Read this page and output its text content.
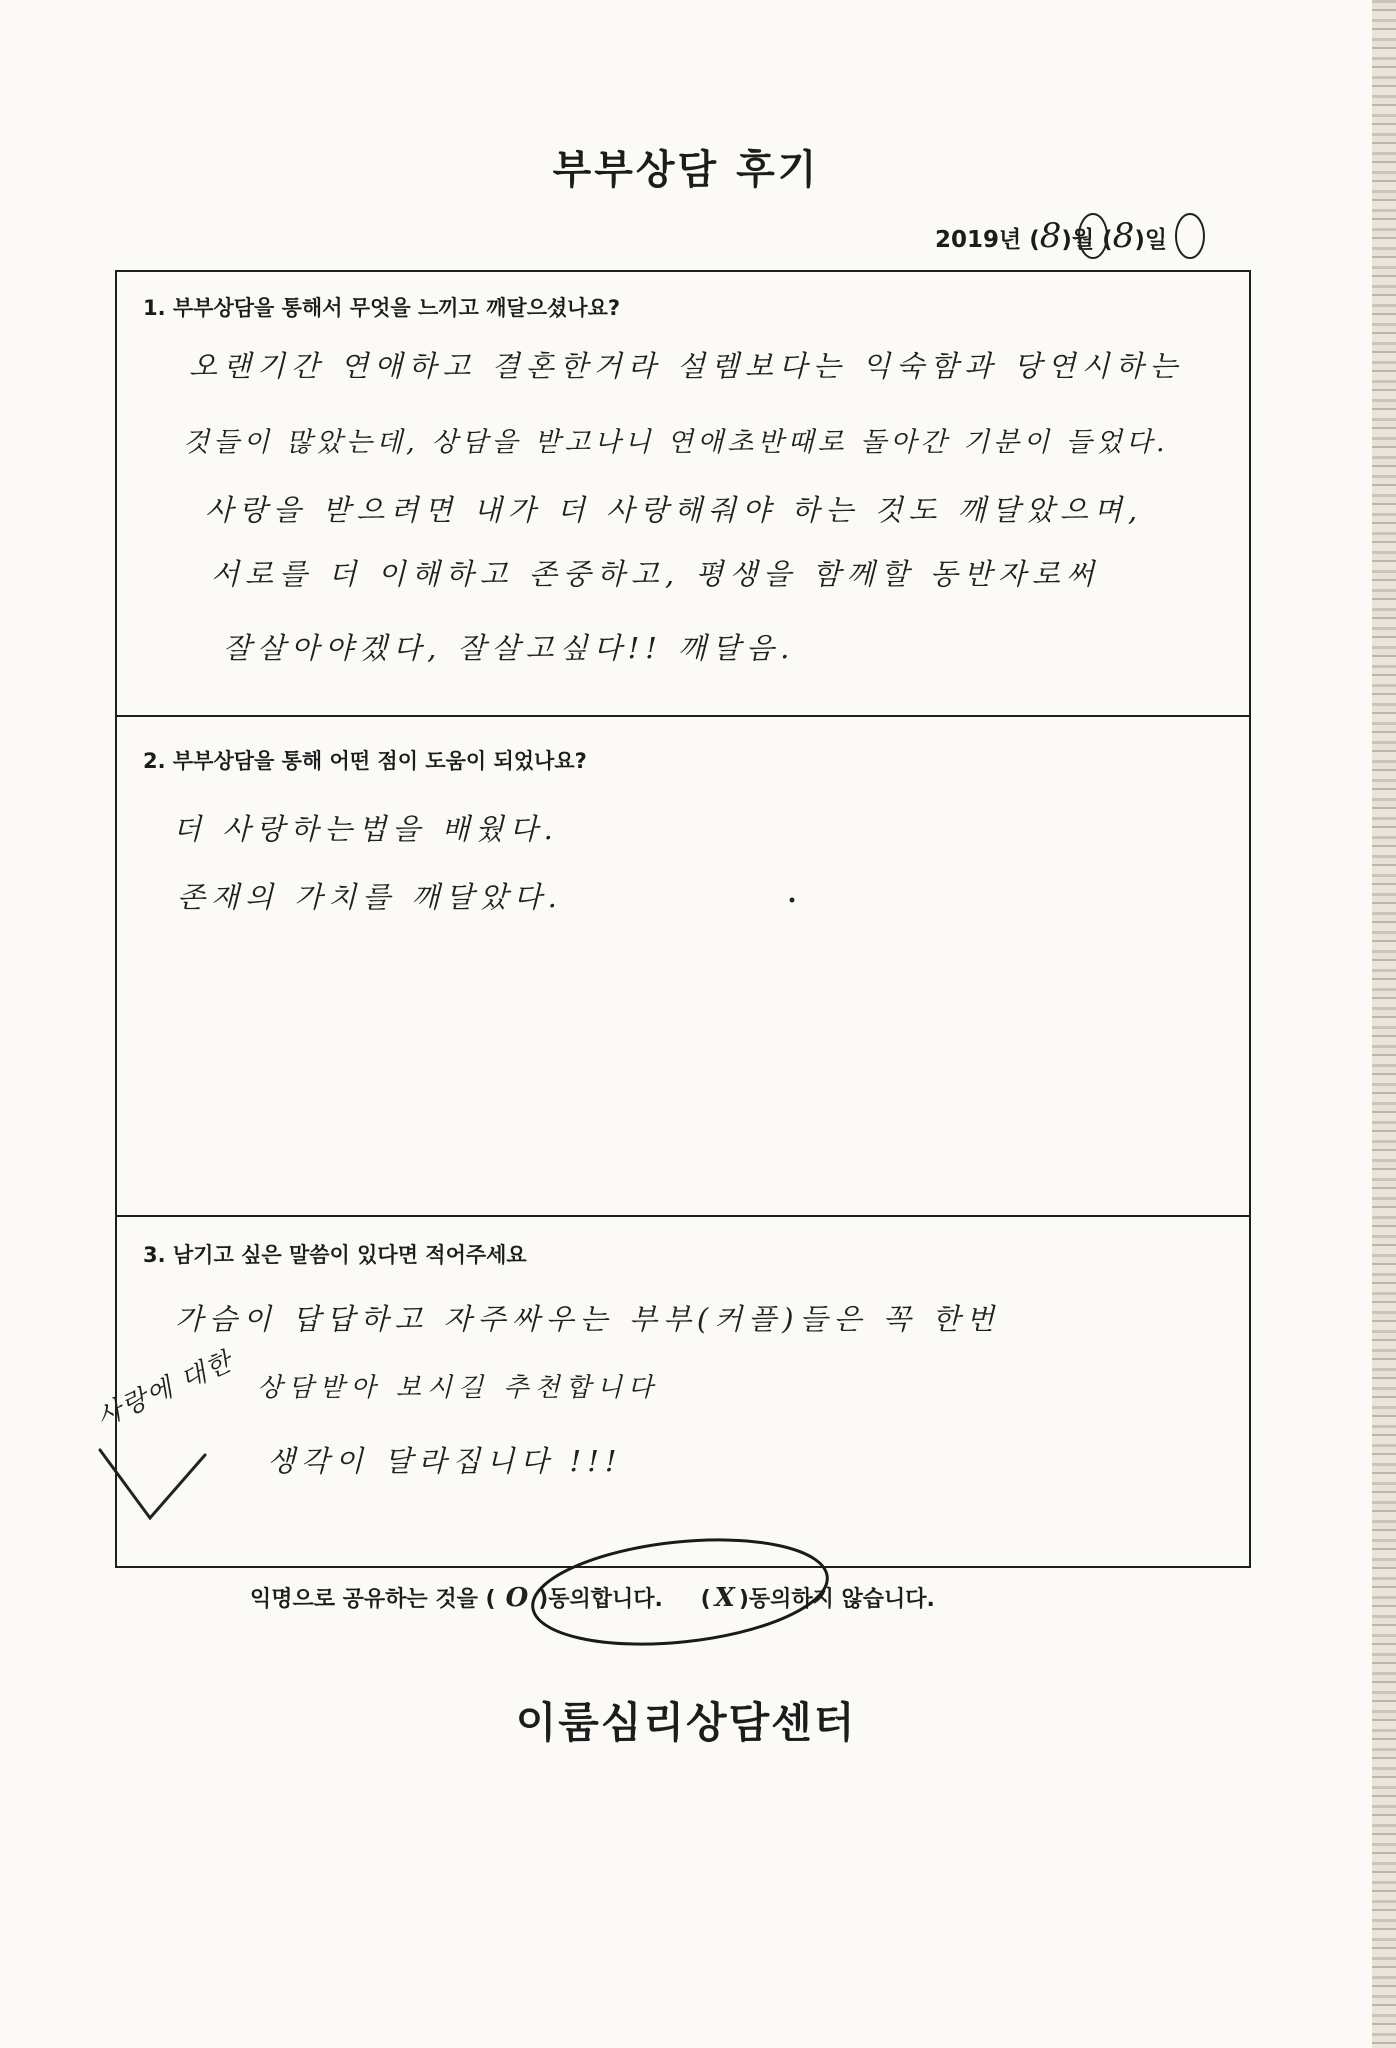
부부상담 후기
2019년 (8)월 (8)일
1. 부부상담을 통해서 무엇을 느끼고 깨달으셨나요?
오랜기간 연애하고 결혼한거라 설렘보다는 익숙함과 당연시하는
것들이 많았는데, 상담을 받고나니 연애초반때로 돌아간 기분이 들었다.
사랑을 받으려면 내가 더 사랑해줘야 하는 것도 깨달았으며,
서로를 더 이해하고 존중하고, 평생을 함께할 동반자로써
잘살아야겠다, 잘살고싶다!! 깨달음.
2. 부부상담을 통해 어떤 점이 도움이 되었나요?
더 사랑하는법을 배웠다.
존재의 가치를 깨달았다.
3. 남기고 싶은 말씀이 있다면 적어주세요
가슴이 답답하고 자주싸우는 부부(커플)들은 꼭 한번
상담받아 보시길 추천합니다
생각이 달라집니다 !!!
사랑에 대한
익명으로 공유하는 것을 ( O )동의합니다. ( X )동의하지 않습니다.
이룸심리상담센터
